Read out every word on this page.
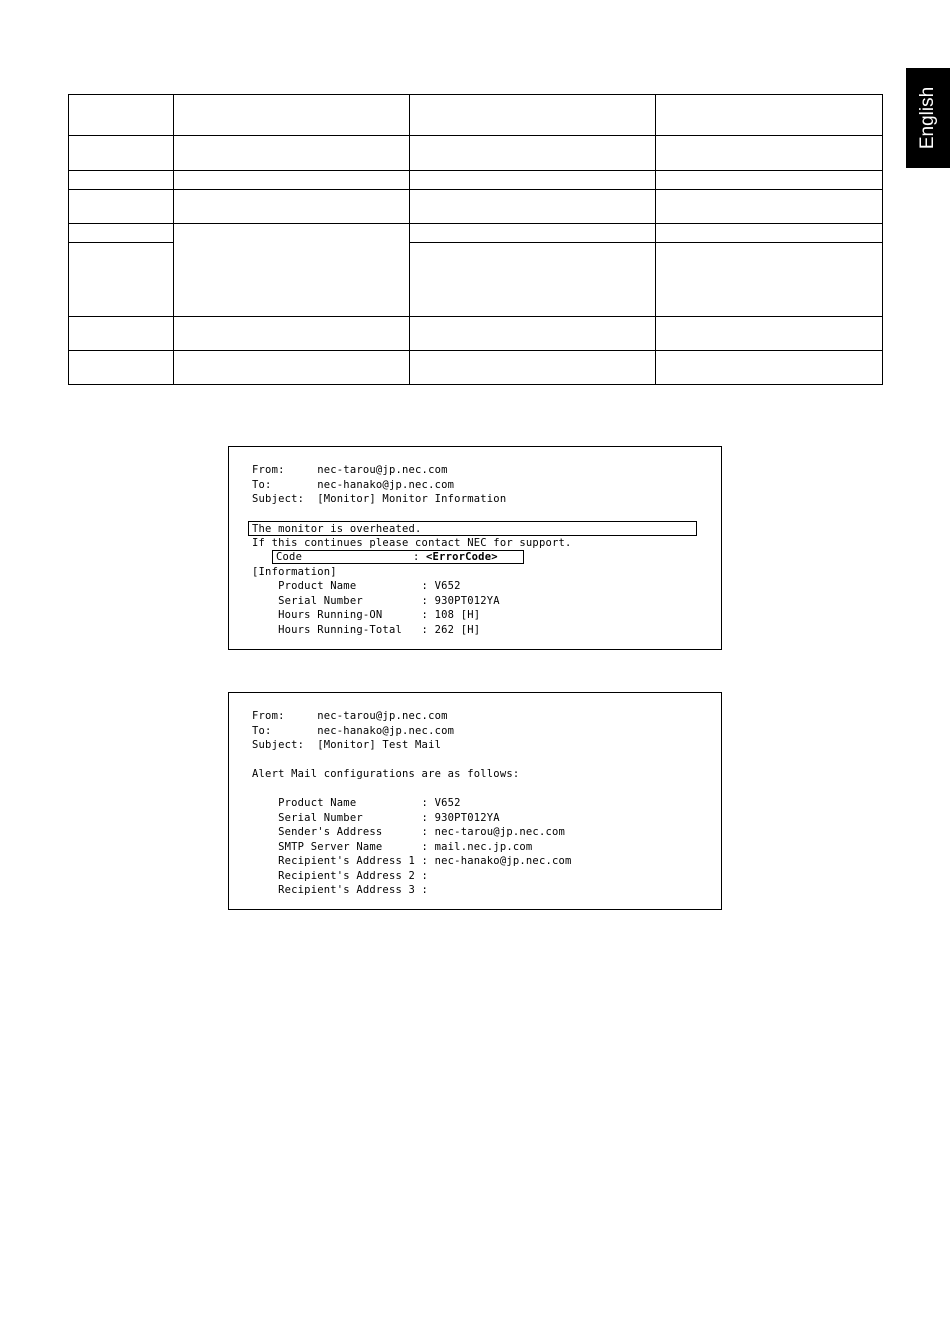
English

From:     nec-tarou@jp.nec.com
To:       nec-hanako@jp.nec.com
Subject:  [Monitor] Monitor Information
The monitor is overheated.
If this continues please contact NEC for support.
Code                 : <ErrorCode>
[Information]
Product Name          : V652
Serial Number         : 930PT012YA
Hours Running-ON      : 108 [H]
Hours Running-Total   : 262 [H]
From:     nec-tarou@jp.nec.com
To:       nec-hanako@jp.nec.com
Subject:  [Monitor] Test Mail
Alert Mail configurations are as follows:
Product Name          : V652
Serial Number         : 930PT012YA
Sender's Address      : nec-tarou@jp.nec.com
SMTP Server Name      : mail.nec.jp.com
Recipient's Address 1 : nec-hanako@jp.nec.com
Recipient's Address 2 :
Recipient's Address 3 :
